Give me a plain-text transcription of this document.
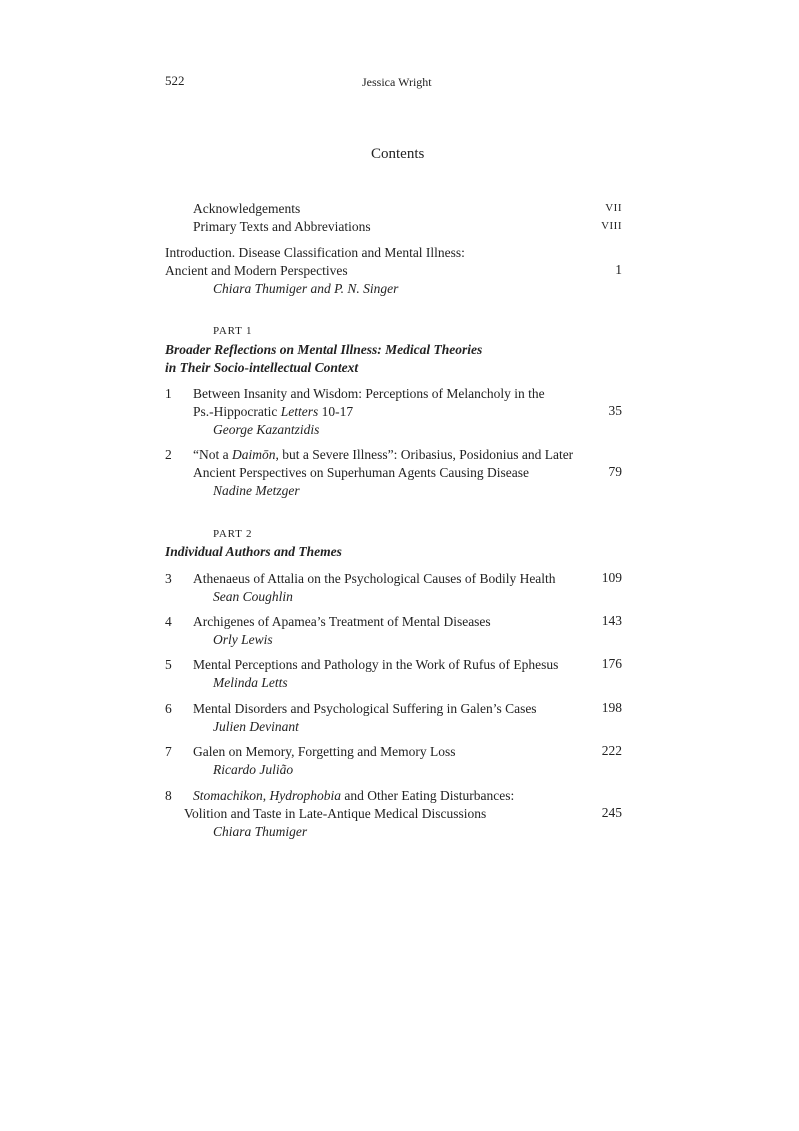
522	Jessica Wright
Contents
Acknowledgements	VII
Primary Texts and Abbreviations	VIII
Introduction. Disease Classification and Mental Illness:
Ancient and Modern Perspectives	1
Chiara Thumiger and P. N. Singer
PART 1
Broader Reflections on Mental Illness: Medical Theories
in Their Socio-intellectual Context
1 Between Insanity and Wisdom: Perceptions of Melancholy in the
Ps.-Hippocratic Letters 10-17	35
George Kazantzidis
2 “Not a Daimōn, but a Severe Illness”: Oribasius, Posidonius and Later
Ancient Perspectives on Superhuman Agents Causing Disease	79
Nadine Metzger
PART 2
Individual Authors and Themes
3 Athenaeus of Attalia on the Psychological Causes of Bodily Health	109
Sean Coughlin
4 Archigenes of Apamea’s Treatment of Mental Diseases	143
Orly Lewis
5 Mental Perceptions and Pathology in the Work of Rufus of Ephesus	176
Melinda Letts
6 Mental Disorders and Psychological Suffering in Galen’s Cases	198
Julien Devinant
7 Galen on Memory, Forgetting and Memory Loss	222
Ricardo Julião
8 Stomachikon, Hydrophobia and Other Eating Disturbances:
Volition and Taste in Late-Antique Medical Discussions	245
Chiara Thumiger
